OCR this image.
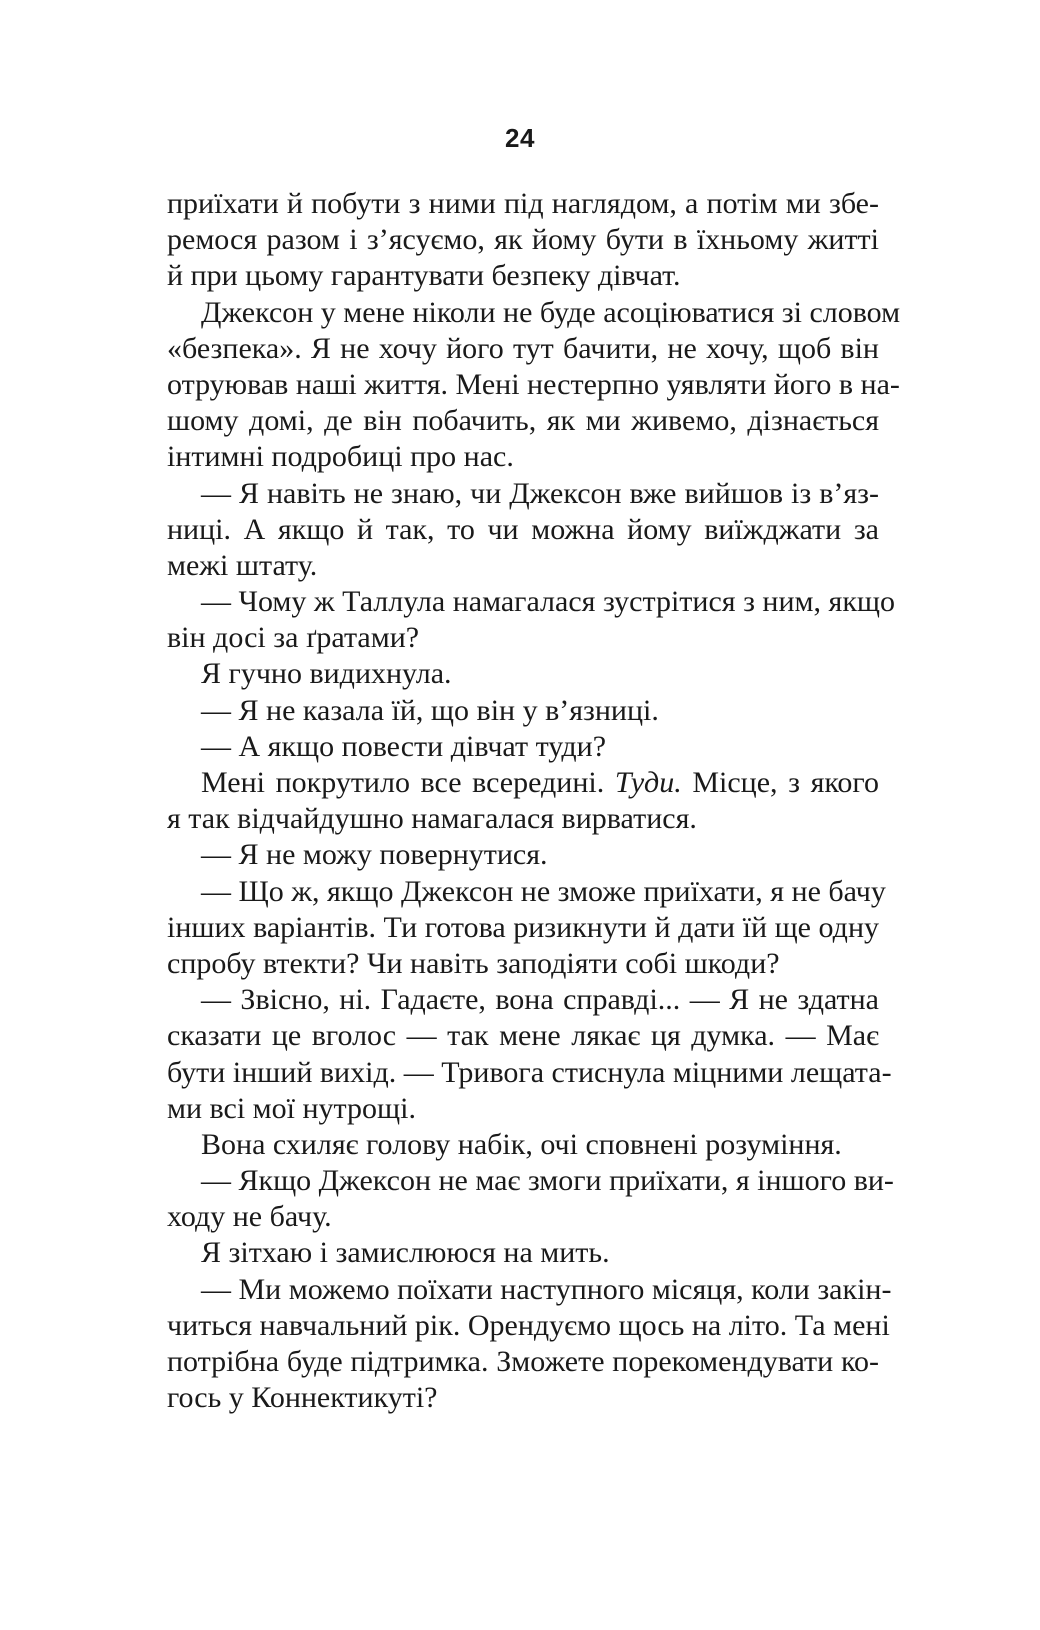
24
приїхати й побути з ними під наглядом, а потім ми збе-
ремося разом і з’ясуємо, як йому бути в їхньому житті
й при цьому гарантувати безпеку дівчат.
Джексон у мене ніколи не буде асоціюватися зі словом
«безпека». Я не хочу його тут бачити, не хочу, щоб він
отруював наші життя. Мені нестерпно уявляти його в на-
шому домі, де він побачить, як ми живемо, дізнається
інтимні подробиці про нас.
— Я навіть не знаю, чи Джексон вже вийшов із в’яз-
ниці. А якщо й так, то чи можна йому виїжджати за
межі штату.
— Чому ж Таллула намагалася зустрітися з ним, якщо
він досі за ґратами?
Я гучно видихнула.
— Я не казала їй, що він у в’язниці.
— А якщо повести дівчат туди?
Мені покрутило все всередині. Туди. Місце, з якого
я так відчайдушно намагалася вирватися.
— Я не можу повернутися.
— Що ж, якщо Джексон не зможе приїхати, я не бачу
інших варіантів. Ти готова ризикнути й дати їй ще одну
спробу втекти? Чи навіть заподіяти собі шкоди?
— Звісно, ні. Гадаєте, вона справді... — Я не здатна
сказати це вголос — так мене лякає ця думка. — Має
бути інший вихід. — Тривога стиснула міцними лещата-
ми всі мої нутрощі.
Вона схиляє голову набік, очі сповнені розуміння.
— Якщо Джексон не має змоги приїхати, я іншого ви-
ходу не бачу.
Я зітхаю і замислююся на мить.
— Ми можемо поїхати наступного місяця, коли закін-
читься навчальний рік. Орендуємо щось на літо. Та мені
потрібна буде підтримка. Зможете порекомендувати ко-
гось у Коннектикуті?
